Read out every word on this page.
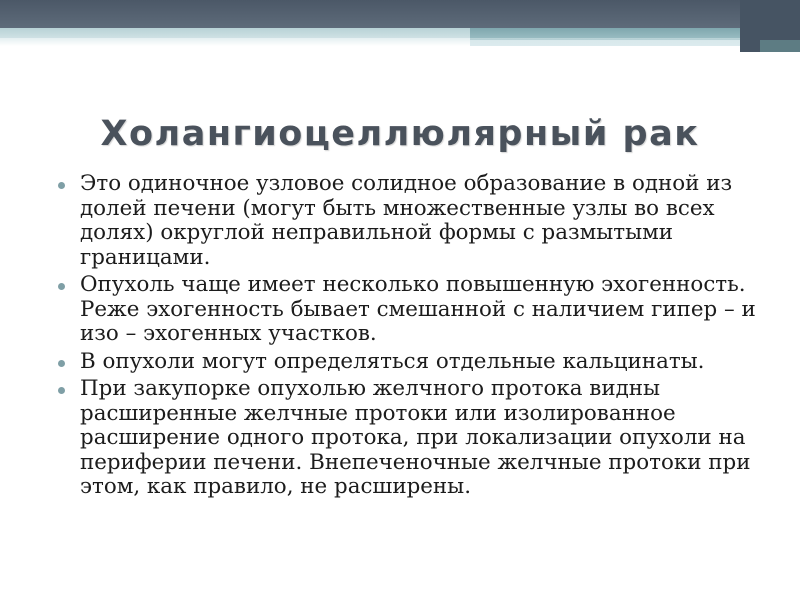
Холангиоцеллюлярный рак
Это одиночное узловое солидное образование в одной из долей печени (могут быть множественные узлы во всех долях) округлой неправильной формы с размытыми границами.
Опухоль чаще имеет несколько повышенную эхогенность. Реже эхогенность бывает смешанной с наличием гипер – и изо – эхогенных участков.
В опухоли могут определяться отдельные кальцинаты.
При закупорке опухолью желчного протока видны расширенные желчные протоки или изолированное расширение одного протока, при локализации опухоли на периферии печени. Внепеченочные желчные протоки при этом, как правило, не расширены.
